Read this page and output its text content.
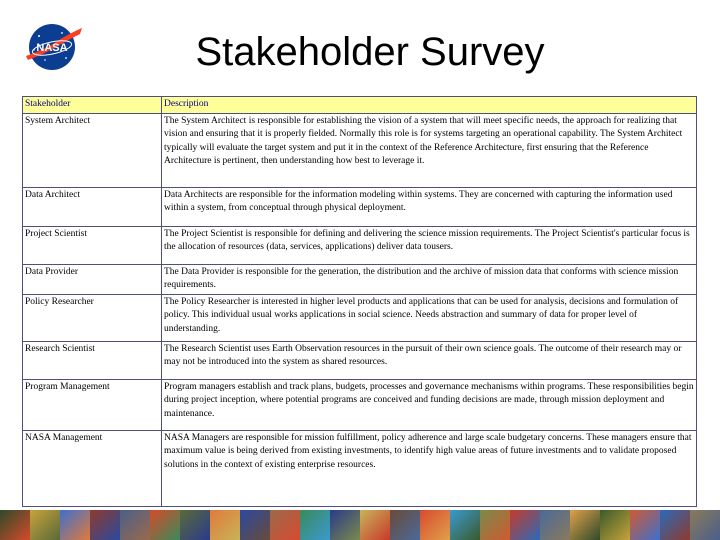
NASA	Stakeholder Survey
Stakeholder	Description
System Architect	The System Architect is responsible for establishing the vision of a system that will meet specific needs, the approach for realizing that vision and ensuring that it is properly fielded. Normally this role is for systems targeting an operational capability. The System Architect typically will evaluate the target system and put it in the context of the Reference Architecture, first ensuring that the Reference Architecture is pertinent, then understanding how best to leverage it.
Data Architect	Data Architects are responsible for the information modeling within systems. They are concerned with capturing the information used within a system, from conceptual through physical deployment.
Project Scientist	The Project Scientist is responsible for defining and delivering the science mission requirements. The Project Scientist's particular focus is the allocation of resources (data, services, applications) deliver data tousers.
Data Provider	The Data Provider is responsible for the generation, the distribution and the archive of mission data that conforms with science mission requirements.
Policy Researcher	The Policy Researcher is interested in higher level products and applications that can be used for analysis, decisions and formulation of policy. This individual usual works applications in social science. Needs abstraction and summary of data for proper level of understanding.
Research Scientist	The Research Scientist uses Earth Observation resources in the pursuit of their own science goals. The outcome of their research may or may not be introduced into the system as shared resources.
Program Management	Program managers establish and track plans, budgets, processes and governance mechanisms within programs. These responsibilities begin during project inception, where potential programs are conceived and funding decisions are made, through mission deployment and maintenance.
NASA Management	NASA Managers are responsible for mission fulfillment, policy adherence and large scale budgetary concerns. These managers ensure that maximum value is being derived from existing investments, to identify high value areas of future investments and to validate proposed solutions in the context of existing enterprise resources.
